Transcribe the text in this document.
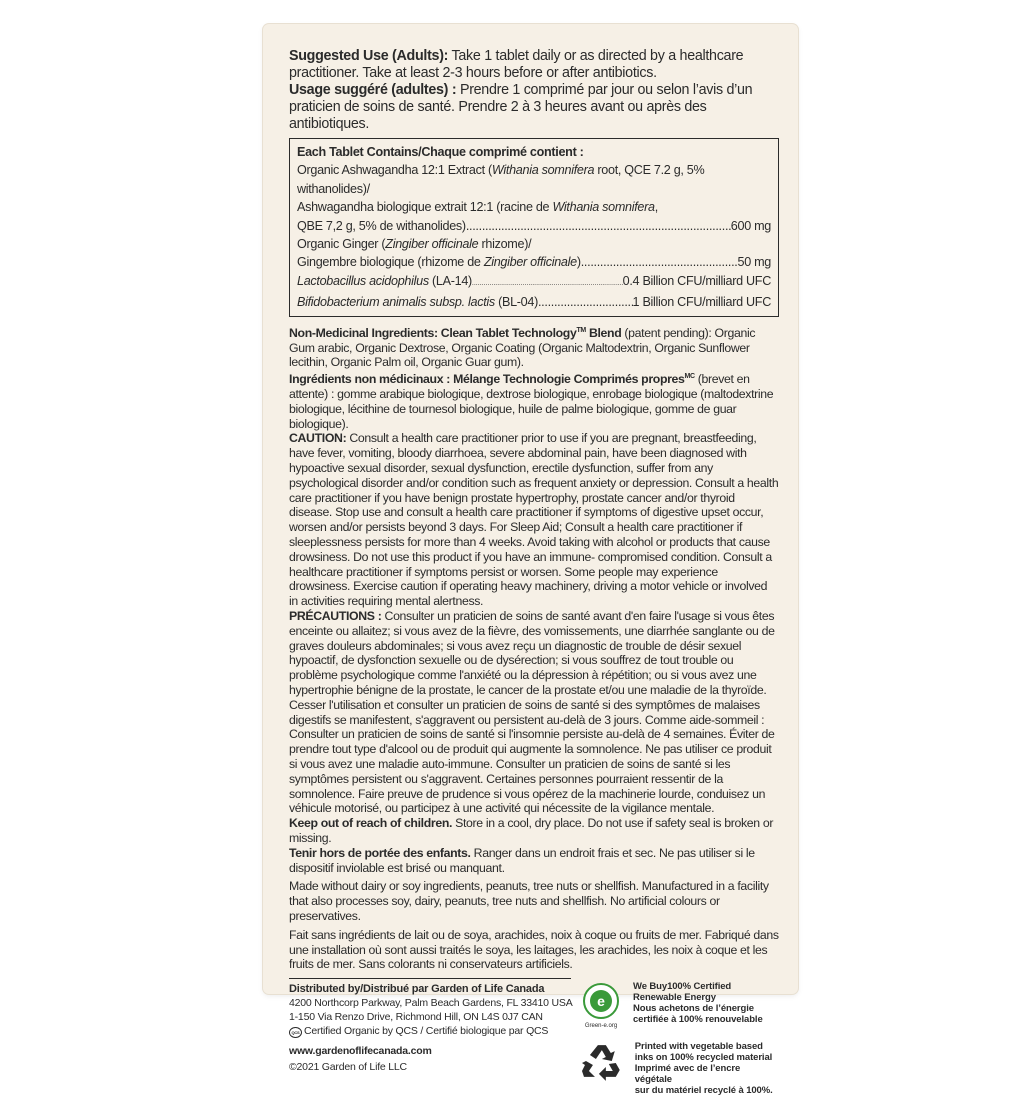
Suggested Use (Adults): Take 1 tablet daily or as directed by a healthcare practitioner. Take at least 2-3 hours before or after antibiotics.

Usage suggéré (adultes) : Prendre 1 comprimé par jour ou selon l’avis d’un praticien de soins de santé. Prendre 2 à 3 heures avant ou après des antibiotiques.

Each Tablet Contains/Chaque comprimé contient :
Organic Ashwagandha 12:1 Extract (Withania somnifera root, QCE 7.2 g, 5% withanolides)/
Ashwagandha biologique extrait 12:1 (racine de Withania somnifera,
QBE 7,2 g, 5% de withanolides) .....	600 mg
Organic Ginger (Zingiber officinale rhizome)/
Gingembre biologique (rhizome de Zingiber officinale) .....	50 mg
Lactobacillus acidophilus (LA-14) .....	0.4 Billion CFU/milliard UFC
Bifidobacterium animalis subsp. lactis (BL-04) .....	1 Billion CFU/milliard UFC

Non-Medicinal Ingredients: Clean Tablet Technology™ Blend (patent pending): Organic Gum arabic, Organic Dextrose, Organic Coating (Organic Maltodextrin, Organic Sunflower lecithin, Organic Palm oil, Organic Guar gum).

Ingrédients non médicinaux : Mélange Technologie Comprimés propres$^{MC}$ (brevet en attente) : gomme arabique biologique, dextrose biologique, enrobage biologique (maltodextrine biologique, lécithine de tournesol biologique, huile de palme biologique, gomme de guar biologique).

CAUTION: Consult a health care practitioner prior to use if you are pregnant, breastfeeding, have fever, vomiting, bloody diarrhoea, severe abdominal pain, have been diagnosed with hypoactive sexual disorder, sexual dysfunction, erectile dysfunction, suffer from any psychological disorder and/or condition such as frequent anxiety or depression. Consult a health care practitioner if you have benign prostate hypertrophy, prostate cancer and/or thyroid disease. Stop use and consult a health care practitioner if symptoms of digestive upset occur, worsen and/or persists beyond 3 days. For Sleep Aid; Consult a health care practitioner if sleeplessness persists for more than 4 weeks. Avoid taking with alcohol or products that cause drowsiness. Do not use this product if you have an immune- compromised condition. Consult a healthcare practitioner if symptoms persist or worsen. Some people may experience drowsiness. Exercise caution if operating heavy machinery, driving a motor vehicle or involved in activities requiring mental alertness.

PRÉCAUTIONS : Consulter un praticien de soins de santé avant d'en faire l'usage si vous êtes enceinte ou allaitez; si vous avez de la fièvre, des vomissements, une diarrhée sanglante ou de graves douleurs abdominales; si vous avez reçu un diagnostic de trouble de désir sexuel hypoactif, de dysfonction sexuelle ou de dysérection; si vous souffrez de tout trouble ou problème psychologique comme l'anxiété ou la dépression à répétition; ou si vous avez une hypertrophie bénigne de la prostate, le cancer de la prostate et/ou une maladie de la thyroïde. Cesser l'utilisation et consulter un praticien de soins de santé si des symptômes de malaises digestifs se manifestent, s'aggravent ou persistent au-delà de 3 jours. Comme aide-sommeil : Consulter un praticien de soins de santé si l'insomnie persiste au-delà de 4 semaines. Éviter de prendre tout type d'alcool ou de produit qui augmente la somnolence. Ne pas utiliser ce produit si vous avez une maladie auto-immune. Consulter un praticien de soins de santé si les symptômes persistent ou s'aggravent. Certaines personnes pourraient ressentir de la somnolence. Faire preuve de prudence si vous opérez de la machinerie lourde, conduisez un véhicule motorisé, ou participez à une activité qui nécessite de la vigilance mentale.

Keep out of reach of children. Store in a cool, dry place. Do not use if safety seal is broken or missing.

Tenir hors de portée des enfants. Ranger dans un endroit frais et sec. Ne pas utiliser si le dispositif inviolable est brisé ou manquant.

Made without dairy or soy ingredients, peanuts, tree nuts or shellfish. Manufactured in a facility that also processes soy, dairy, peanuts, tree nuts and shellfish. No artificial colours or preservatives.

Fait sans ingrédients de lait ou de soya, arachides, noix à coque ou fruits de mer. Fabriqué dans une installation où sont aussi traités le soya, les laitages, les arachides, les noix à coque et les fruits de mer. Sans colorants ni conservateurs artificiels.

Distributed by/Distribué par Garden of Life Canada
4200 Northcorp Parkway, Palm Beach Gardens, FL 33410 USA
1-150 Via Renzo Drive, Richmond Hill, ON L4S 0J7 CAN
QCS Certified Organic by QCS / Certifié biologique par QCS
www.gardenoflifecanada.com
©2021 Garden of Life LLC
e
Green-e.org
We Buy100% Certified
Renewable Energy
Nous achetons de l’énergie
certifiée à 100% renouvelable
Printed with vegetable based
inks on 100% recycled material
Imprimé avec de l’encre végétale
sur du matériel recyclé à 100%.
